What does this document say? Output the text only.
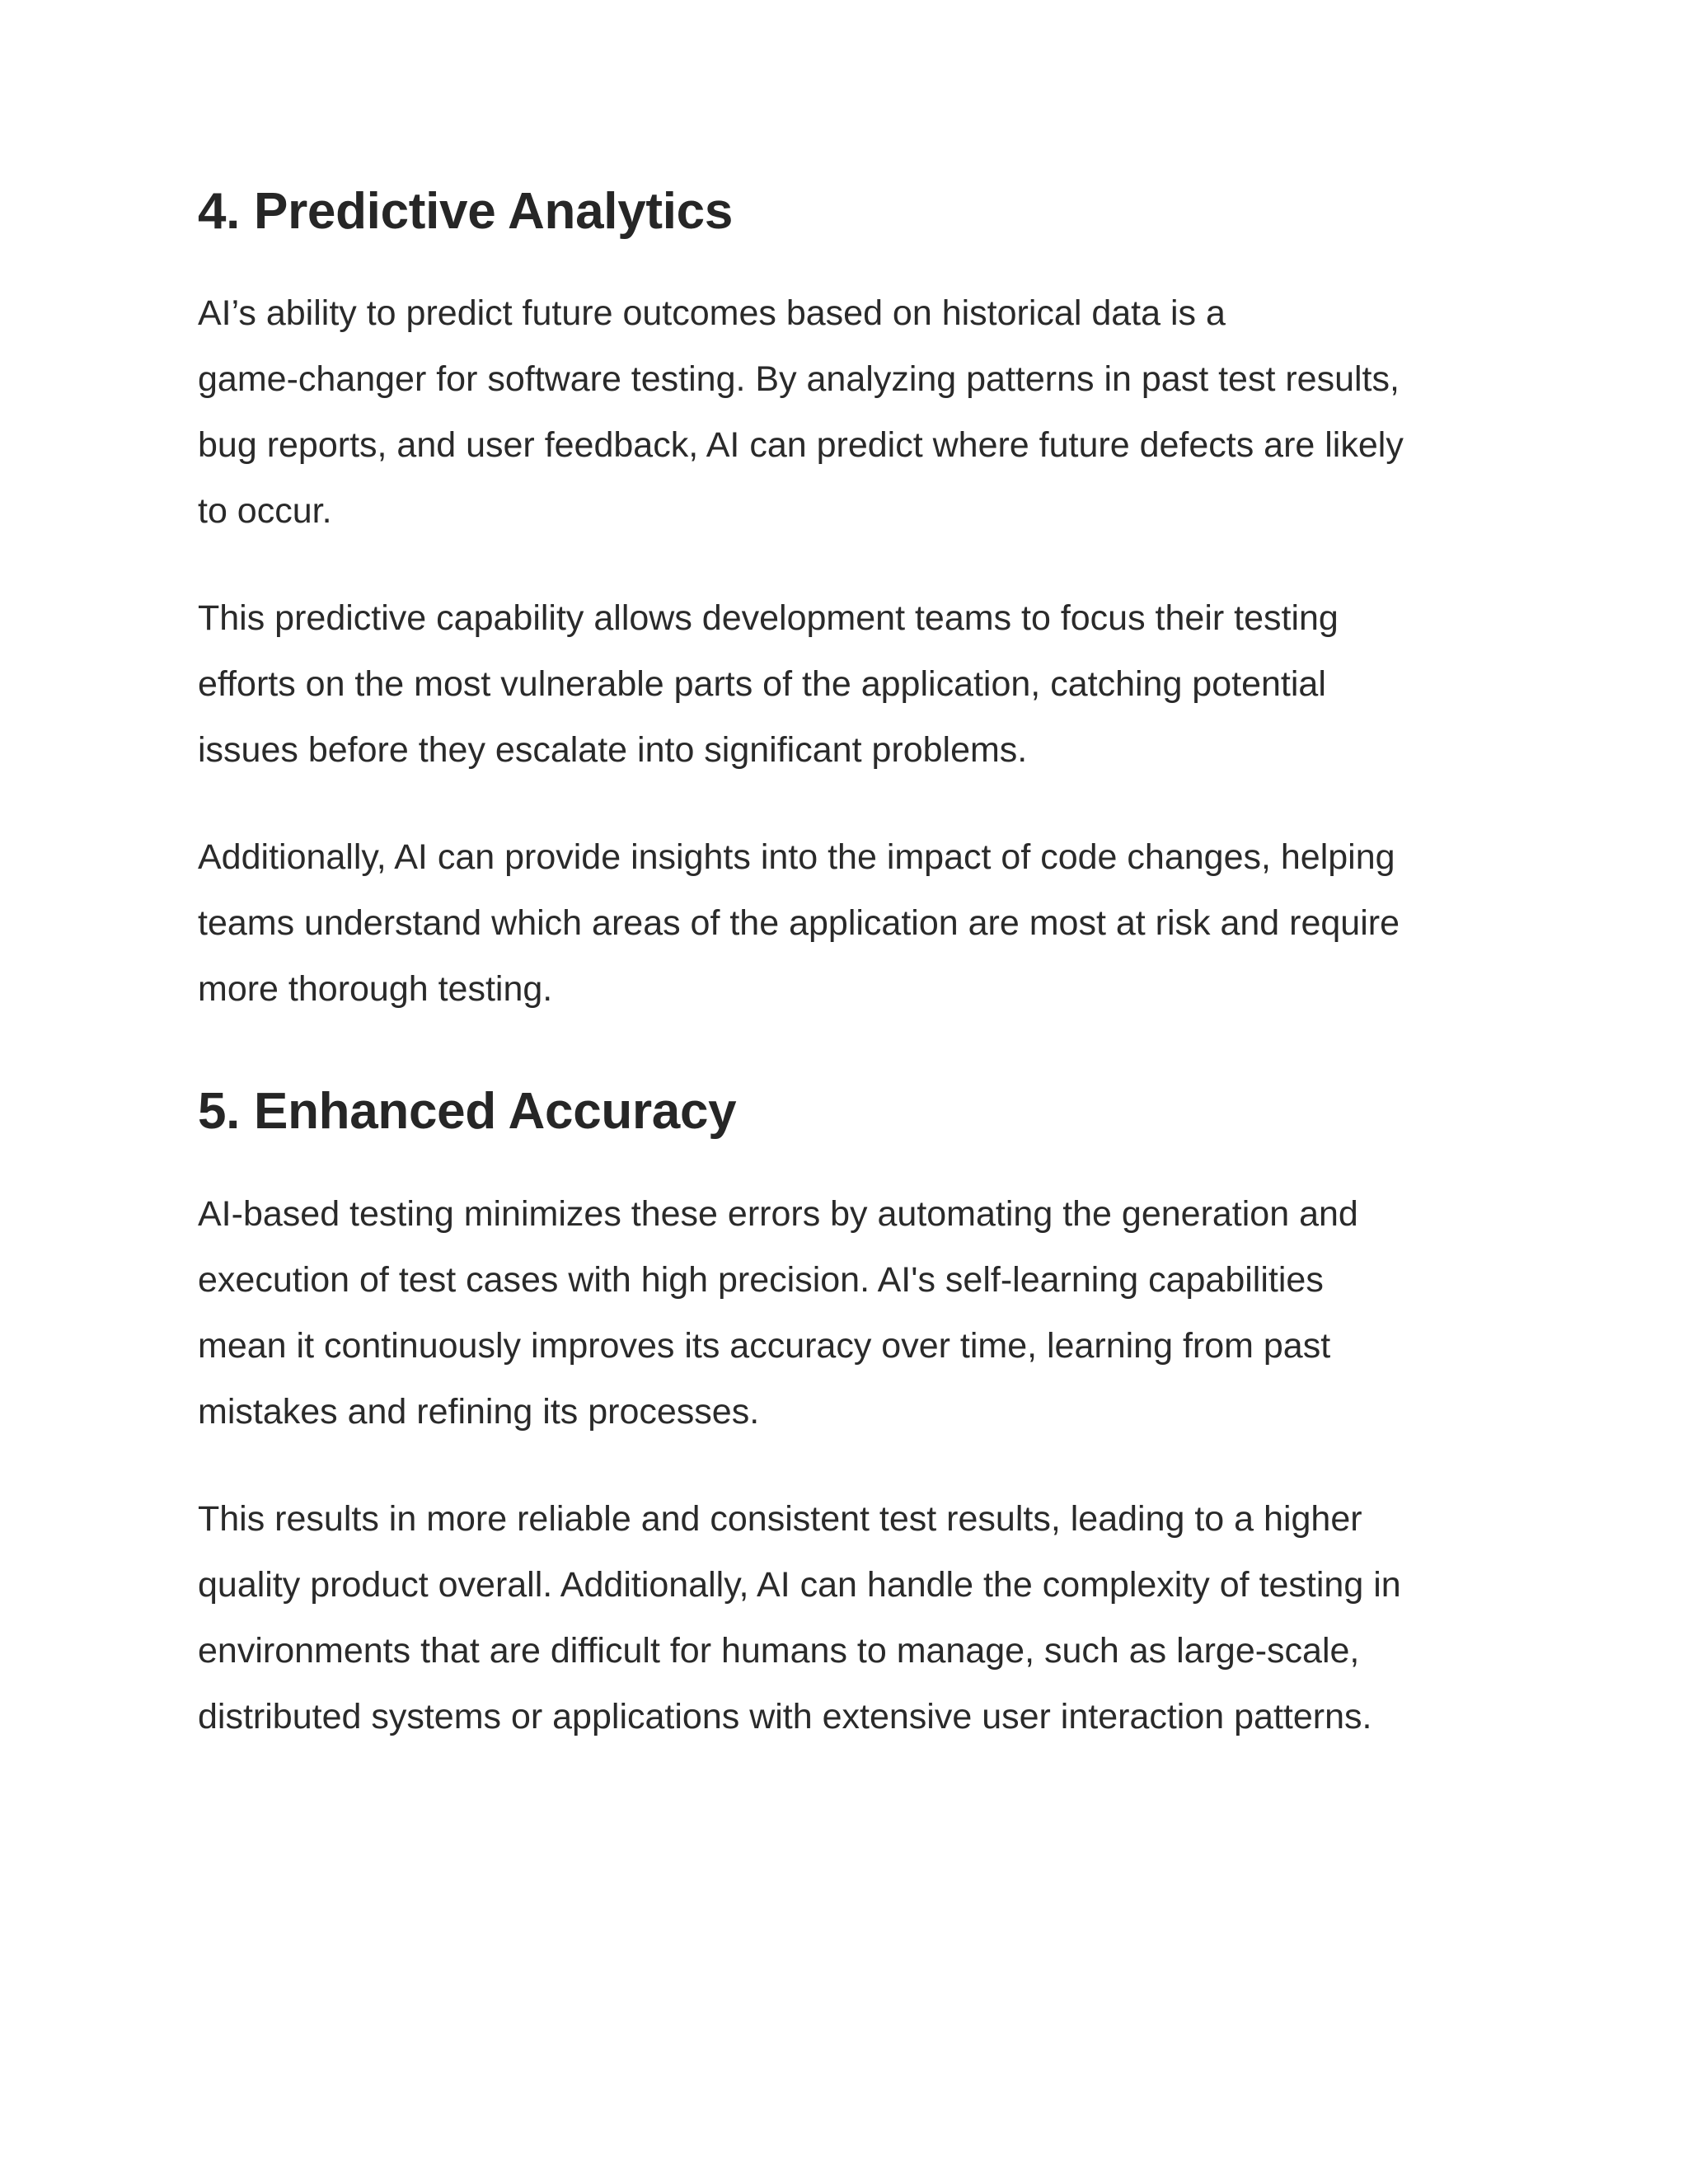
4. Predictive Analytics

AI’s ability to predict future outcomes based on historical data is a
game-changer for software testing. By analyzing patterns in past test results,
bug reports, and user feedback, AI can predict where future defects are likely
to occur.

This predictive capability allows development teams to focus their testing
efforts on the most vulnerable parts of the application, catching potential
issues before they escalate into significant problems.

Additionally, AI can provide insights into the impact of code changes, helping
teams understand which areas of the application are most at risk and require
more thorough testing.

5. Enhanced Accuracy

AI-based testing minimizes these errors by automating the generation and
execution of test cases with high precision. AI's self-learning capabilities
mean it continuously improves its accuracy over time, learning from past
mistakes and refining its processes.

This results in more reliable and consistent test results, leading to a higher
quality product overall. Additionally, AI can handle the complexity of testing in
environments that are difficult for humans to manage, such as large-scale,
distributed systems or applications with extensive user interaction patterns.
